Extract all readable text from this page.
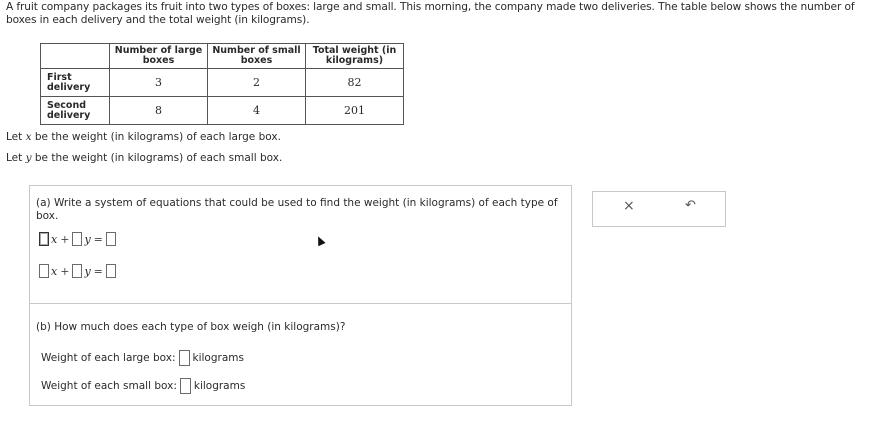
A fruit company packages its fruit into two types of boxes: large and small. This morning, the company made two deliveries. The table below shows the number of boxes in each delivery and the total weight (in kilograms).
	Number of large boxes	Number of small boxes	Total weight (in kilograms)
First delivery	3	2	82
Second delivery	8	4	201
Let x be the weight (in kilograms) of each large box.
Let y be the weight (in kilograms) of each small box.
(a) Write a system of equations that could be used to find the weight (in kilograms) of each type of box.
x + y =
x + y =
(b) How much does each type of box weigh (in kilograms)?
Weight of each large box: kilograms
Weight of each small box: kilograms
×	↶
